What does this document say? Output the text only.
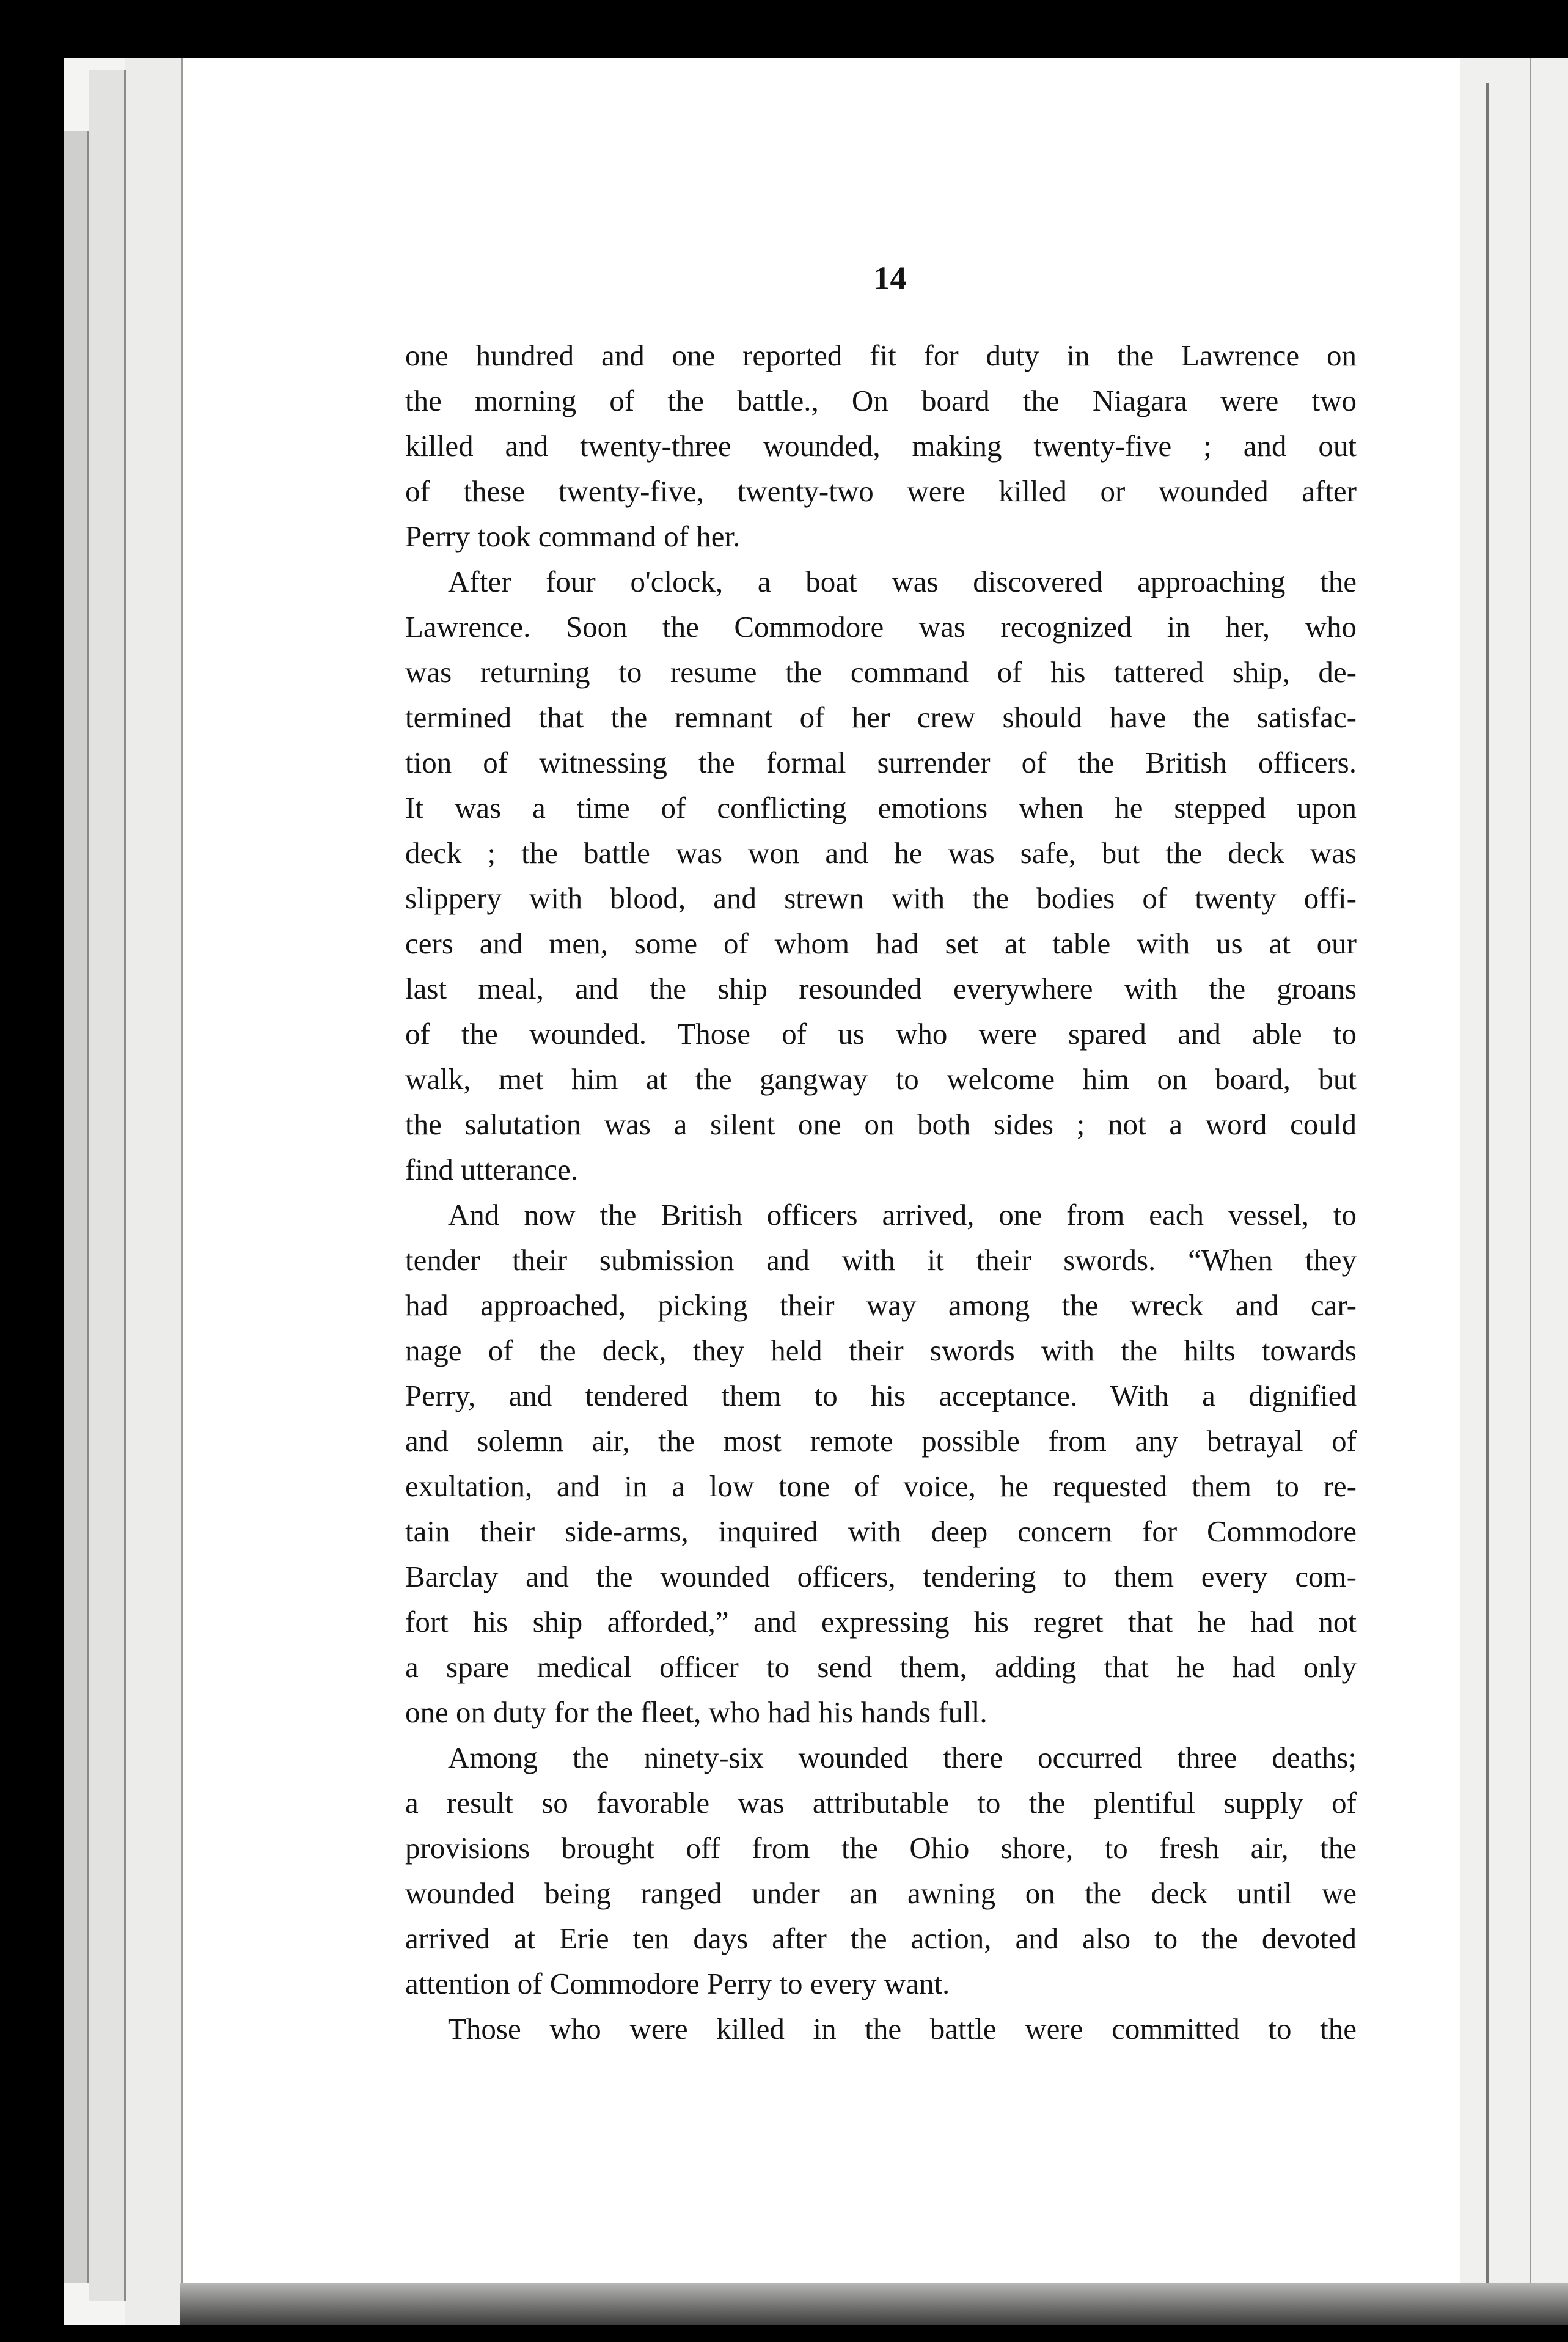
14

one hundred and one reported fit for duty in the Lawrence on
the morning of the battle., On board the Niagara were two
killed and twenty-three wounded, making twenty-five ; and out
of these twenty-five, twenty-two were killed or wounded after
Perry took command of her.

After four o'clock, a boat was discovered approaching the
Lawrence. Soon the Commodore was recognized in her, who
was returning to resume the command of his tattered ship, de-
termined that the remnant of her crew should have the satisfac-
tion of witnessing the formal surrender of the British officers.
It was a time of conflicting emotions when he stepped upon
deck ; the battle was won and he was safe, but the deck was
slippery with blood, and strewn with the bodies of twenty offi-
cers and men, some of whom had set at table with us at our
last meal, and the ship resounded everywhere with the groans
of the wounded. Those of us who were spared and able to
walk, met him at the gangway to welcome him on board, but
the salutation was a silent one on both sides ; not a word could
find utterance.

And now the British officers arrived, one from each vessel, to
tender their submission and with it their swords. “When they
had approached, picking their way among the wreck and car-
nage of the deck, they held their swords with the hilts towards
Perry, and tendered them to his acceptance. With a dignified
and solemn air, the most remote possible from any betrayal of
exultation, and in a low tone of voice, he requested them to re-
tain their side-arms, inquired with deep concern for Commodore
Barclay and the wounded officers, tendering to them every com-
fort his ship afforded,” and expressing his regret that he had not
a spare medical officer to send them, adding that he had only
one on duty for the fleet, who had his hands full.

Among the ninety-six wounded there occurred three deaths;
a result so favorable was attributable to the plentiful supply of
provisions brought off from the Ohio shore, to fresh air, the
wounded being ranged under an awning on the deck until we
arrived at Erie ten days after the action, and also to the devoted
attention of Commodore Perry to every want.

Those who were killed in the battle were committed to the
